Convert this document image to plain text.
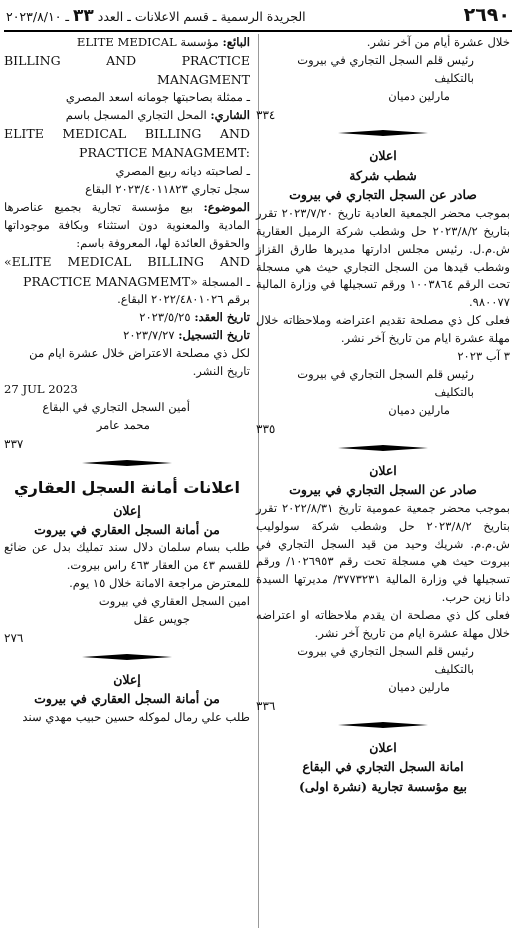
٢٦٩٠
الجريدة الرسمية ـ قسم الاعلانات ـ العدد ٣٣ ـ ٢٠٢٣/٨/١٠

خلال عشرة أيام من آخر نشر.

رئيس قلم السجل التجاري في بيروت بالتكليف

مارلين دميان

٣٣٤

اعلان

شطب شركة

صادر عن السجل التجاري في بيروت

بموجب محضر الجمعية العادية تاريخ ٢٠٢٣/٧/٢٠ تقرر بتاريخ ٢٠٢٣/٨/٢ حل وشطب شركة الرميل العقارية ش.م.ل. رئيس مجلس ادارتها مديرها طارق القزاز وشطب قيدها من السجل التجاري حيث هي مسجلة تحت الرقم ١٠٠٣٨٦٤ ورقم تسجيلها في وزارة المالية ٩٨٠٠٧٧.

فعلى كل ذي مصلحة تقديم اعتراضه وملاحظاته خلال مهلة عشرة ايام من تاريخ آخر نشر.

٣ آب ٢٠٢٣

رئيس قلم السجل التجاري في بيروت بالتكليف

مارلين دميان

٣٣٥

اعلان

صادر عن السجل التجاري في بيروت

بموجب محضر جمعية عمومية تاريخ ٢٠٢٢/٨/٣١ تقرر بتاريخ ٢٠٢٣/٨/٢ حل وشطب شركة سولوليب ش.م.م. شريك وحيد من قيد السجل التجاري في بيروت حيث هي مسجلة تحت رقم ١٠٢٦٩٥٣/ ورقم تسجيلها في وزارة المالية ٣٧٧٣٢٣١/ مديرتها السيدة دانا زين حرب.

فعلى كل ذي مصلحة ان يقدم ملاحظاته او اعتراضه خلال مهلة عشرة ايام من تاريخ آخر نشر.

رئيس قلم السجل التجاري في بيروت بالتكليف

مارلين دميان

٣٣٦

اعلان

امانة السجل التجاري في البقاع

بيع مؤسسة تجارية (نشرة اولى)

البائع: مؤسسة ELITE MEDICAL

BILLING AND PRACTICE

MANAGMENT

ـ ممثلة بصاحبتها جومانه اسعد المصري

الشاري: المحل التجاري المسجل باسم

ELITE MEDICAL BILLING AND

PRACTICE MANAGMEMT:

ـ لصاحبته ديانه ربيع المصري

سجل تجاري ٢٠٢٣/٤٠١١٨٢٣ البقاع

الموضوع: بيع مؤسسة تجارية بجميع عناصرها المادية والمعنوية دون استثناء وبكافة موجوداتها والحقوق العائدة لها، المعروفة باسم:

«ELITE MEDICAL BILLING AND

ـ المسجلة PRACTICE MANAGMEMT»

برقم ٢٠٢٢/٤٨٠١٠٢٦ البقاع.

تاريخ العقد: ٢٠٢٣/٥/٢٥

تاريخ التسجيل: ٢٠٢٣/٧/٢٧

لكل ذي مصلحة الاعتراض خلال عشرة ايام من تاريخ النشر.

27 JUL 2023

أمين السجل التجاري في البقاع

محمد عامر

٣٣٧

اعلانات أمانة السجل العقاري

إعلان

من أمانة السجل العقاري في بيروت

طلب بسام سلمان دلال سند تمليك بدل عن ضائع للقسم ٤٣ من العقار ٤٦٣ راس بيروت.

للمعترض مراجعة الامانة خلال ١٥ يوم.

امين السجل العقاري في بيروت

جويس عقل

٢٧٦

إعلان

من أمانة السجل العقاري في بيروت

طلب علي رمال لموكله حسين حبيب مهدي سند
